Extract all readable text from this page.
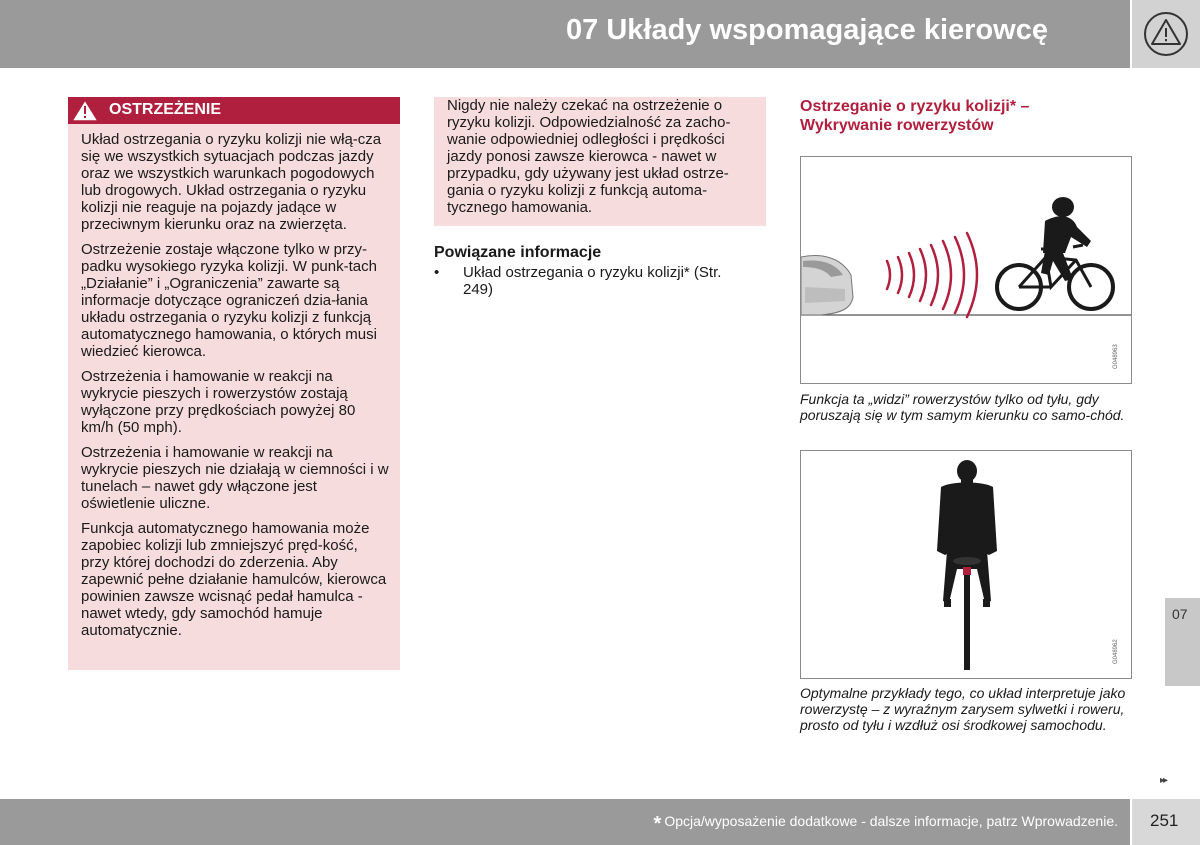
07 Układy wspomagające kierowcę
OSTRZEŻENIE

Układ ostrzegania o ryzyku kolizji nie włą-cza się we wszystkich sytuacjach podczas jazdy oraz we wszystkich warunkach pogodowych lub drogowych. Układ ostrzegania o ryzyku kolizji nie reaguje na pojazdy jadące w przeciwnym kierunku oraz na zwierzęta.

Ostrzeżenie zostaje włączone tylko w przy-padku wysokiego ryzyka kolizji. W punk-tach „Działanie” i „Ograniczenia” zawarte są informacje dotyczące ograniczeń dzia-łania układu ostrzegania o ryzyku kolizji z funkcją automatycznego hamowania, o których musi wiedzieć kierowca.

Ostrzeżenia i hamowanie w reakcji na wykrycie pieszych i rowerzystów zostają wyłączone przy prędkościach powyżej 80 km/h (50 mph).

Ostrzeżenia i hamowanie w reakcji na wykrycie pieszych nie działają w ciemności i w tunelach – nawet gdy włączone jest oświetlenie uliczne.

Funkcja automatycznego hamowania może zapobiec kolizji lub zmniejszyć pręd-kość, przy której dochodzi do zderzenia. Aby zapewnić pełne działanie hamulców, kierowca powinien zawsze wcisnąć pedał hamulca - nawet wtedy, gdy samochód hamuje automatycznie.

Nigdy nie należy czekać na ostrzeżenie o ryzyku kolizji. Odpowiedzialność za zacho-wanie odpowiedniej odległości i prędkości jazdy ponosi zawsze kierowca - nawet w przypadku, gdy używany jest układ ostrze-gania o ryzyku kolizji z funkcją automa-tycznego hamowania.

Powiązane informacje
• Układ ostrzegania o ryzyku kolizji* (Str. 249)
Ostrzeganie o ryzyku kolizji* – Wykrywanie rowerzystów
G048963
Funkcja ta „widzi” rowerzystów tylko od tyłu, gdy poruszają się w tym samym kierunku co samo-chód.
G048962
Optymalne przykłady tego, co układ interpretuje jako rowerzystę – z wyraźnym zarysem sylwetki i roweru, prosto od tyłu i wzdłuż osi środkowej samochodu.
07
▸▸
* Opcja/wyposażenie dodatkowe - dalsze informacje, patrz Wprowadzenie. 251
